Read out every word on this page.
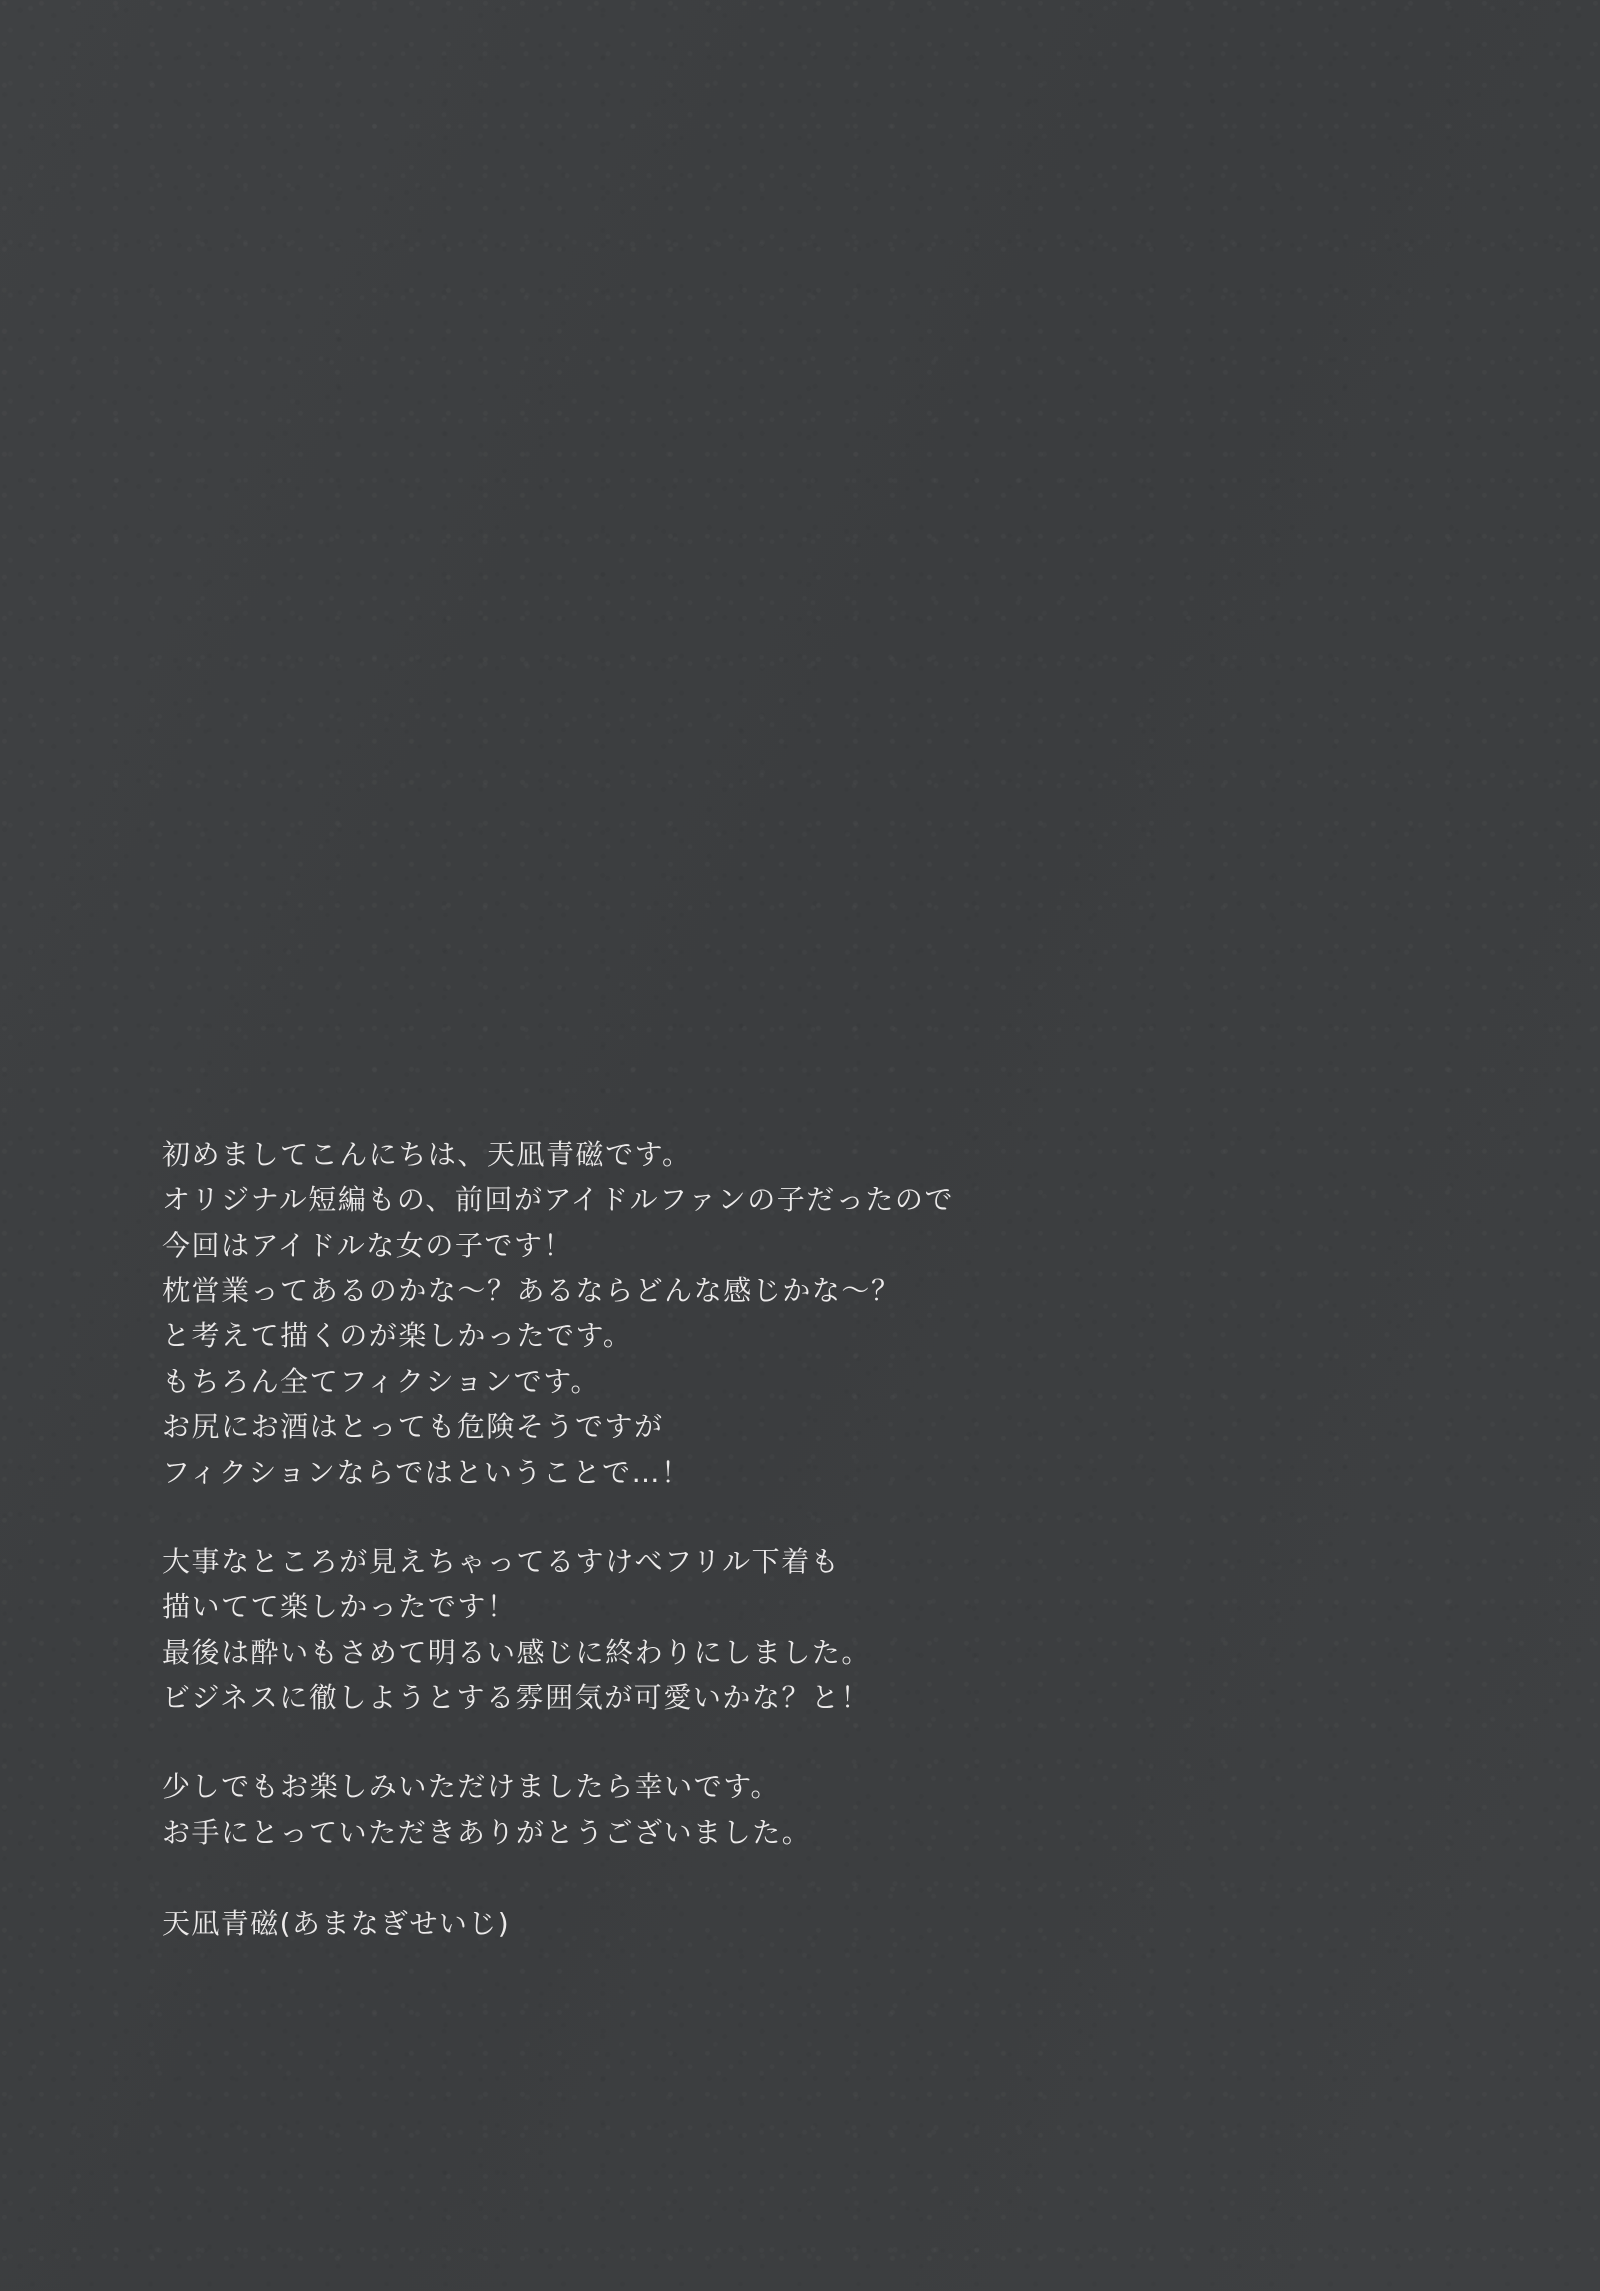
初めましてこんにちは、天凪青磁です。
オリジナル短編もの、前回がアイドルファンの子だったので
今回はアイドルな女の子です！
枕営業ってあるのかな〜？あるならどんな感じかな〜？
と考えて描くのが楽しかったです。
もちろん全てフィクションです。
お尻にお酒はとっても危険そうですが
フィクションならではということで…！
大事なところが見えちゃってるすけべフリル下着も
描いてて楽しかったです！
最後は酔いもさめて明るい感じに終わりにしました。
ビジネスに徹しようとする雰囲気が可愛いかな？と！
少しでもお楽しみいただけましたら幸いです。
お手にとっていただきありがとうございました。
天凪青磁(あまなぎせいじ)
